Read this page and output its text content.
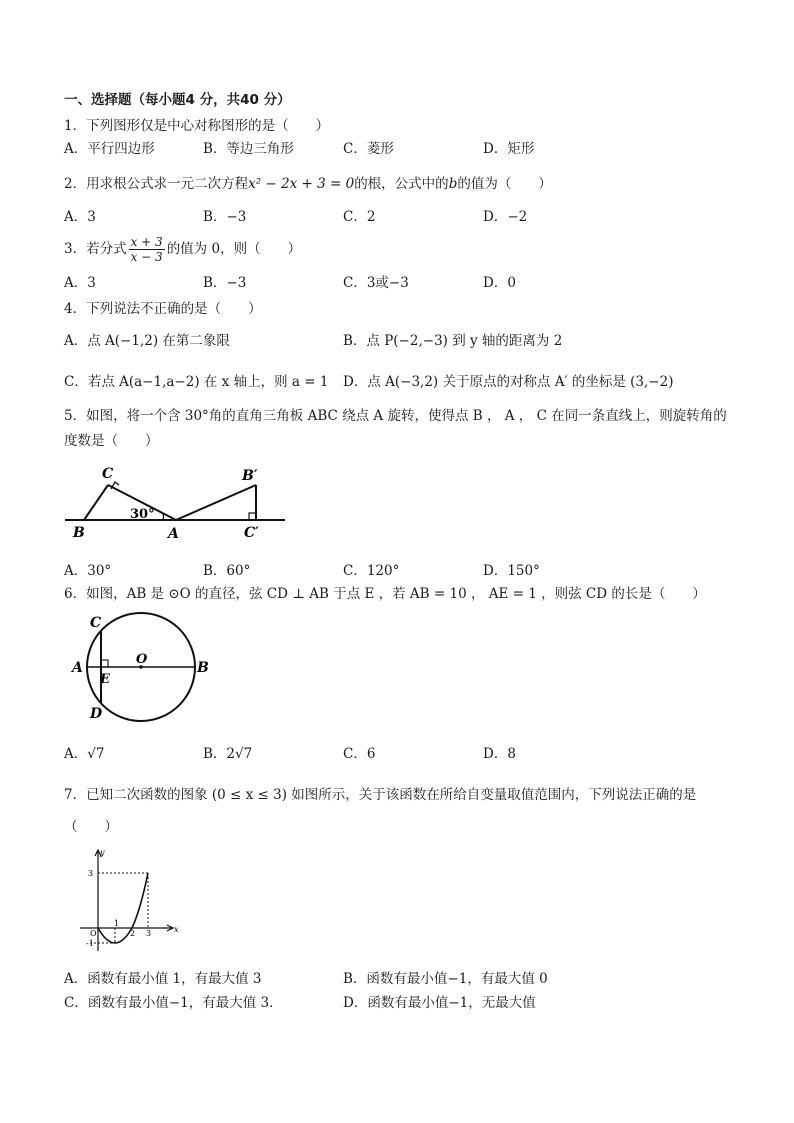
一、选择题（每小题4 分，共40 分）
1．下列图形仅是中心对称图形的是（　　）
A．平行四边形	B．等边三角形	C．菱形	D．矩形
2．用求根公式求一元二次方程x² − 2x + 3 = 0的根，公式中的b的值为（　　）
A．3	B．−3	C．2	D．−2
3．若分式 $\frac{x + 3}{x - 3}$ 的值为 0，则（　　）
A．3	B．−3	C．3或−3	D．0
4．下列说法不正确的是（　　）
A．点 A(−1,2) 在第二象限	B．点 P(−2,−3) 到 y 轴的距离为 2
C．若点 A(a−1,a−2) 在 x 轴上，则 a = 1 D．点 A(−3,2) 关于原点的对称点 A′ 的坐标是 (3,−2)
5．如图，将一个含 30°角的直角三角板 ABC 绕点 A 旋转，使得点 B ， A ， C 在同一条直线上，则旋转角的
度数是（　　）
C
B	A
B′
C′
30°
A．30°	B．60°	C．120°	D．150°
6．如图，AB 是 ⊙O 的直径，弦 CD ⊥ AB 于点 E ，若 AB = 10 ， AE = 1 ，则弦 CD 的长是（　　）
A	B
C
D
E
O
A．√7	B．2√7	C．6	D．8
7．已知二次函数的图象 (0 ≤ x ≤ 3) 如图所示，关于该函数在所给自变量取值范围内，下列说法正确的是
（　　）
y
x
3
O
-1
1
2 3
A．函数有最小值 1，有最大值 3	B．函数有最小值−1，有最大值 0
C．函数有最小值−1，有最大值 3．	D．函数有最小值−1，无最大值
